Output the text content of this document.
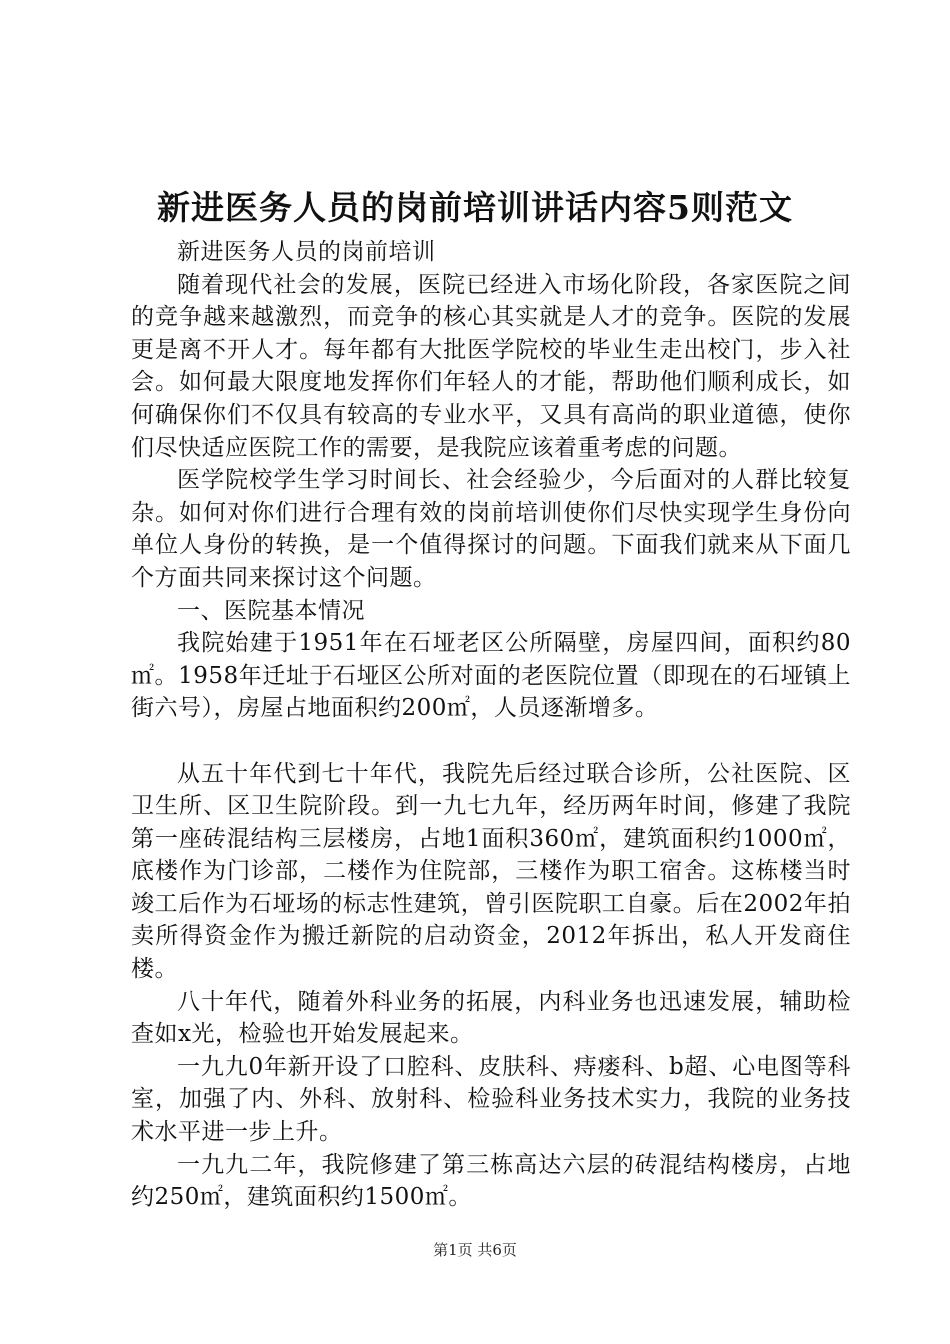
新进医务人员的岗前培训讲话内容5则范文

新进医务人员的岗前培训

随着现代社会的发展，医院已经进入市场化阶段，各家医院之间的竞争越来越激烈，而竞争的核心其实就是人才的竞争。医院的发展更是离不开人才。每年都有大批医学院校的毕业生走出校门，步入社会。如何最大限度地发挥你们年轻人的才能，帮助他们顺利成长，如何确保你们不仅具有较高的专业水平，又具有高尚的职业道德，使你们尽快适应医院工作的需要，是我院应该着重考虑的问题。

医学院校学生学习时间长、社会经验少，今后面对的人群比较复杂。如何对你们进行合理有效的岗前培训使你们尽快实现学生身份向单位人身份的转换，是一个值得探讨的问题。下面我们就来从下面几个方面共同来探讨这个问题。

一、医院基本情况

我院始建于1951年在石垭老区公所隔壁，房屋四间，面积约80㎡。1958年迁址于石垭区公所对面的老医院位置（即现在的石垭镇上街六号），房屋占地面积约200㎡，人员逐渐增多。

从五十年代到七十年代，我院先后经过联合诊所，公社医院、区卫生所、区卫生院阶段。到一九七九年，经历两年时间，修建了我院第一座砖混结构三层楼房，占地1面积360㎡，建筑面积约1000㎡，底楼作为门诊部，二楼作为住院部，三楼作为职工宿舍。这栋楼当时竣工后作为石垭场的标志性建筑，曾引医院职工自豪。后在2002年拍卖所得资金作为搬迁新院的启动资金，2012年拆出，私人开发商住楼。

八十年代，随着外科业务的拓展，内科业务也迅速发展，辅助检查如x光，检验也开始发展起来。

一九九0年新开设了口腔科、皮肤科、痔瘘科、b超、心电图等科室，加强了内、外科、放射科、检验科业务技术实力，我院的业务技术水平进一步上升。

一九九二年，我院修建了第三栋高达六层的砖混结构楼房，占地约250㎡，建筑面积约1500㎡。

第1页 共6页
